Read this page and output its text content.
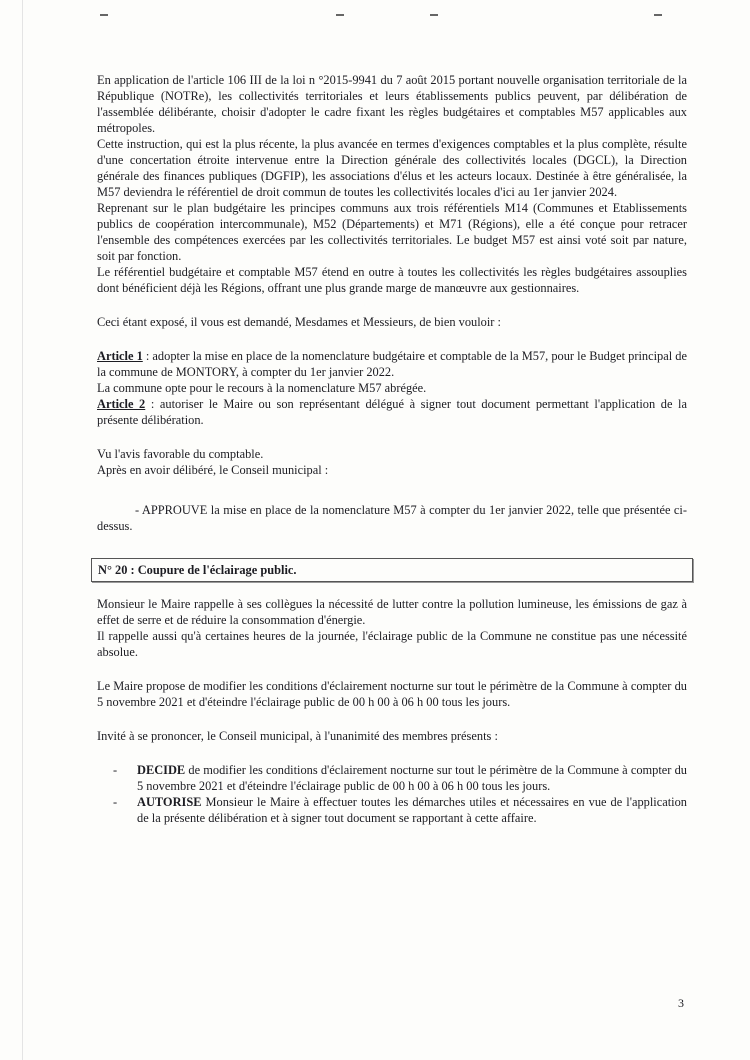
En application de l'article 106 III de la loi n °2015-9941 du 7 août 2015 portant nouvelle organisation territoriale de la République (NOTRe), les collectivités territoriales et leurs établissements publics peuvent, par délibération de l'assemblée délibérante, choisir d'adopter le cadre fixant les règles budgétaires et comptables M57 applicables aux métropoles.

Cette instruction, qui est la plus récente, la plus avancée en termes d'exigences comptables et la plus complète, résulte d'une concertation étroite intervenue entre la Direction générale des collectivités locales (DGCL), la Direction générale des finances publiques (DGFIP), les associations d'élus et les acteurs locaux. Destinée à être généralisée, la M57 deviendra le référentiel de droit commun de toutes les collectivités locales d'ici au 1er janvier 2024.

Reprenant sur le plan budgétaire les principes communs aux trois référentiels M14 (Communes et Etablissements publics de coopération intercommunale), M52 (Départements) et M71 (Régions), elle a été conçue pour retracer l'ensemble des compétences exercées par les collectivités territoriales. Le budget M57 est ainsi voté soit par nature, soit par fonction.

Le référentiel budgétaire et comptable M57 étend en outre à toutes les collectivités les règles budgétaires assouplies dont bénéficient déjà les Régions, offrant une plus grande marge de manœuvre aux gestionnaires.

Ceci étant exposé, il vous est demandé, Mesdames et Messieurs, de bien vouloir :

Article 1 : adopter la mise en place de la nomenclature budgétaire et comptable de la M57, pour le Budget principal de la commune de MONTORY, à compter du 1er janvier 2022.

La commune opte pour le recours à la nomenclature M57 abrégée.

Article 2 : autoriser le Maire ou son représentant délégué à signer tout document permettant l'application de la présente délibération.

Vu l'avis favorable du comptable.

Après en avoir délibéré, le Conseil municipal :

- APPROUVE la mise en place de la nomenclature M57 à compter du 1er janvier 2022, telle que présentée ci-dessus.

N° 20 : Coupure de l'éclairage public.

Monsieur le Maire rappelle à ses collègues la nécessité de lutter contre la pollution lumineuse, les émissions de gaz à effet de serre et de réduire la consommation d'énergie.

Il rappelle aussi qu'à certaines heures de la journée, l'éclairage public de la Commune ne constitue pas une nécessité absolue.

Le Maire propose de modifier les conditions d'éclairement nocturne sur tout le périmètre de la Commune à compter du 5 novembre 2021 et d'éteindre l'éclairage public de 00 h 00 à 06 h 00 tous les jours.

Invité à se prononcer, le Conseil municipal, à l'unanimité des membres présents :

- DECIDE de modifier les conditions d'éclairement nocturne sur tout le périmètre de la Commune à compter du 5 novembre 2021 et d'éteindre l'éclairage public de 00 h 00 à 06 h 00 tous les jours.
- AUTORISE Monsieur le Maire à effectuer toutes les démarches utiles et nécessaires en vue de l'application de la présente délibération et à signer tout document se rapportant à cette affaire.
3
